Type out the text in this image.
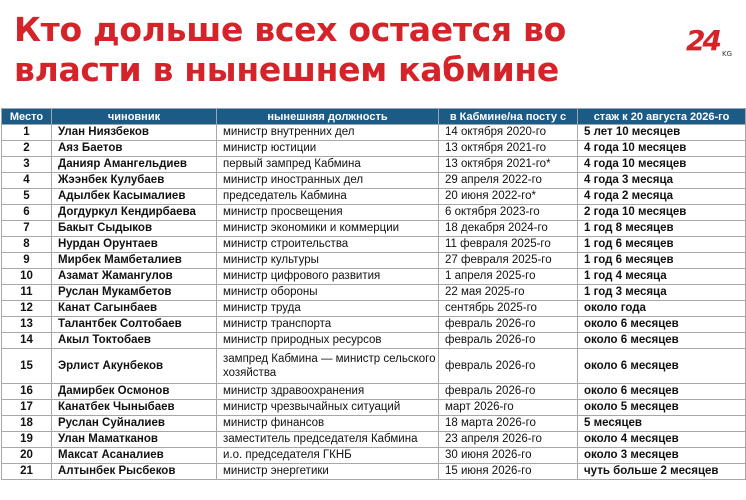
Кто дольше всех остается во
власти в нынешнем кабмине
24 KG
Место	чиновник	нынешняя должность	в Кабмине/на посту с	стаж к 20 августа 2026-го
1	Улан Ниязбеков	министр внутренних дел	14 октября 2020-го	5 лет 10 месяцев
2	Аяз Баетов	министр юстиции	13 октября 2021-го	4 года 10 месяцев
3	Данияр Амангельдиев	первый зампред Кабмина	13 октября 2021-го*	4 года 10 месяцев
4	Жээнбек Кулубаев	министр иностранных дел	29 апреля 2022-го	4 года 3 месяца
5	Адылбек Касымалиев	председатель Кабмина	20 июня 2022-го*	4 года 2 месяца
6	Догдуркул Кендирбаева	министр просвещения	6 октября 2023-го	2 года 10 месяцев
7	Бакыт Сыдыков	министр экономики и коммерции	18 декабря 2024-го	1 год 8 месяцев
8	Нурдан Орунтаев	министр строительства	11 февраля 2025-го	1 год 6 месяцев
9	Мирбек Мамбеталиев	министр культуры	27 февраля 2025-го	1 год 6 месяцев
10	Азамат Жамангулов	министр цифрового развития	1 апреля 2025-го	1 год 4 месяца
11	Руслан Мукамбетов	министр обороны	22 мая 2025-го	1 год 3 месяца
12	Канат Сагынбаев	министр труда	сентябрь 2025-го	около года
13	Талантбек Солтобаев	министр транспорта	февраль 2026-го	около 6 месяцев
14	Акыл Токтобаев	министр природных ресурсов	февраль 2026-го	около 6 месяцев
15	Эрлист Акунбеков	зампред Кабмина — министр сельского хозяйства	февраль 2026-го	около 6 месяцев
16	Дамирбек Осмонов	министр здравоохранения	февраль 2026-го	около 6 месяцев
17	Канатбек Чыныбаев	министр чрезвычайных ситуаций	март 2026-го	около 5 месяцев
18	Руслан Суйналиев	министр финансов	18 марта 2026-го	5 месяцев
19	Улан Маматканов	заместитель председателя Кабмина	23 апреля 2026-го	около 4 месяцев
20	Максат Асаналиев	и.о. председателя ГКНБ	30 июня 2026-го	около 3 месяцев
21	Алтынбек Рысбеков	министр энергетики	15 июня 2026-го	чуть больше 2 месяцев
